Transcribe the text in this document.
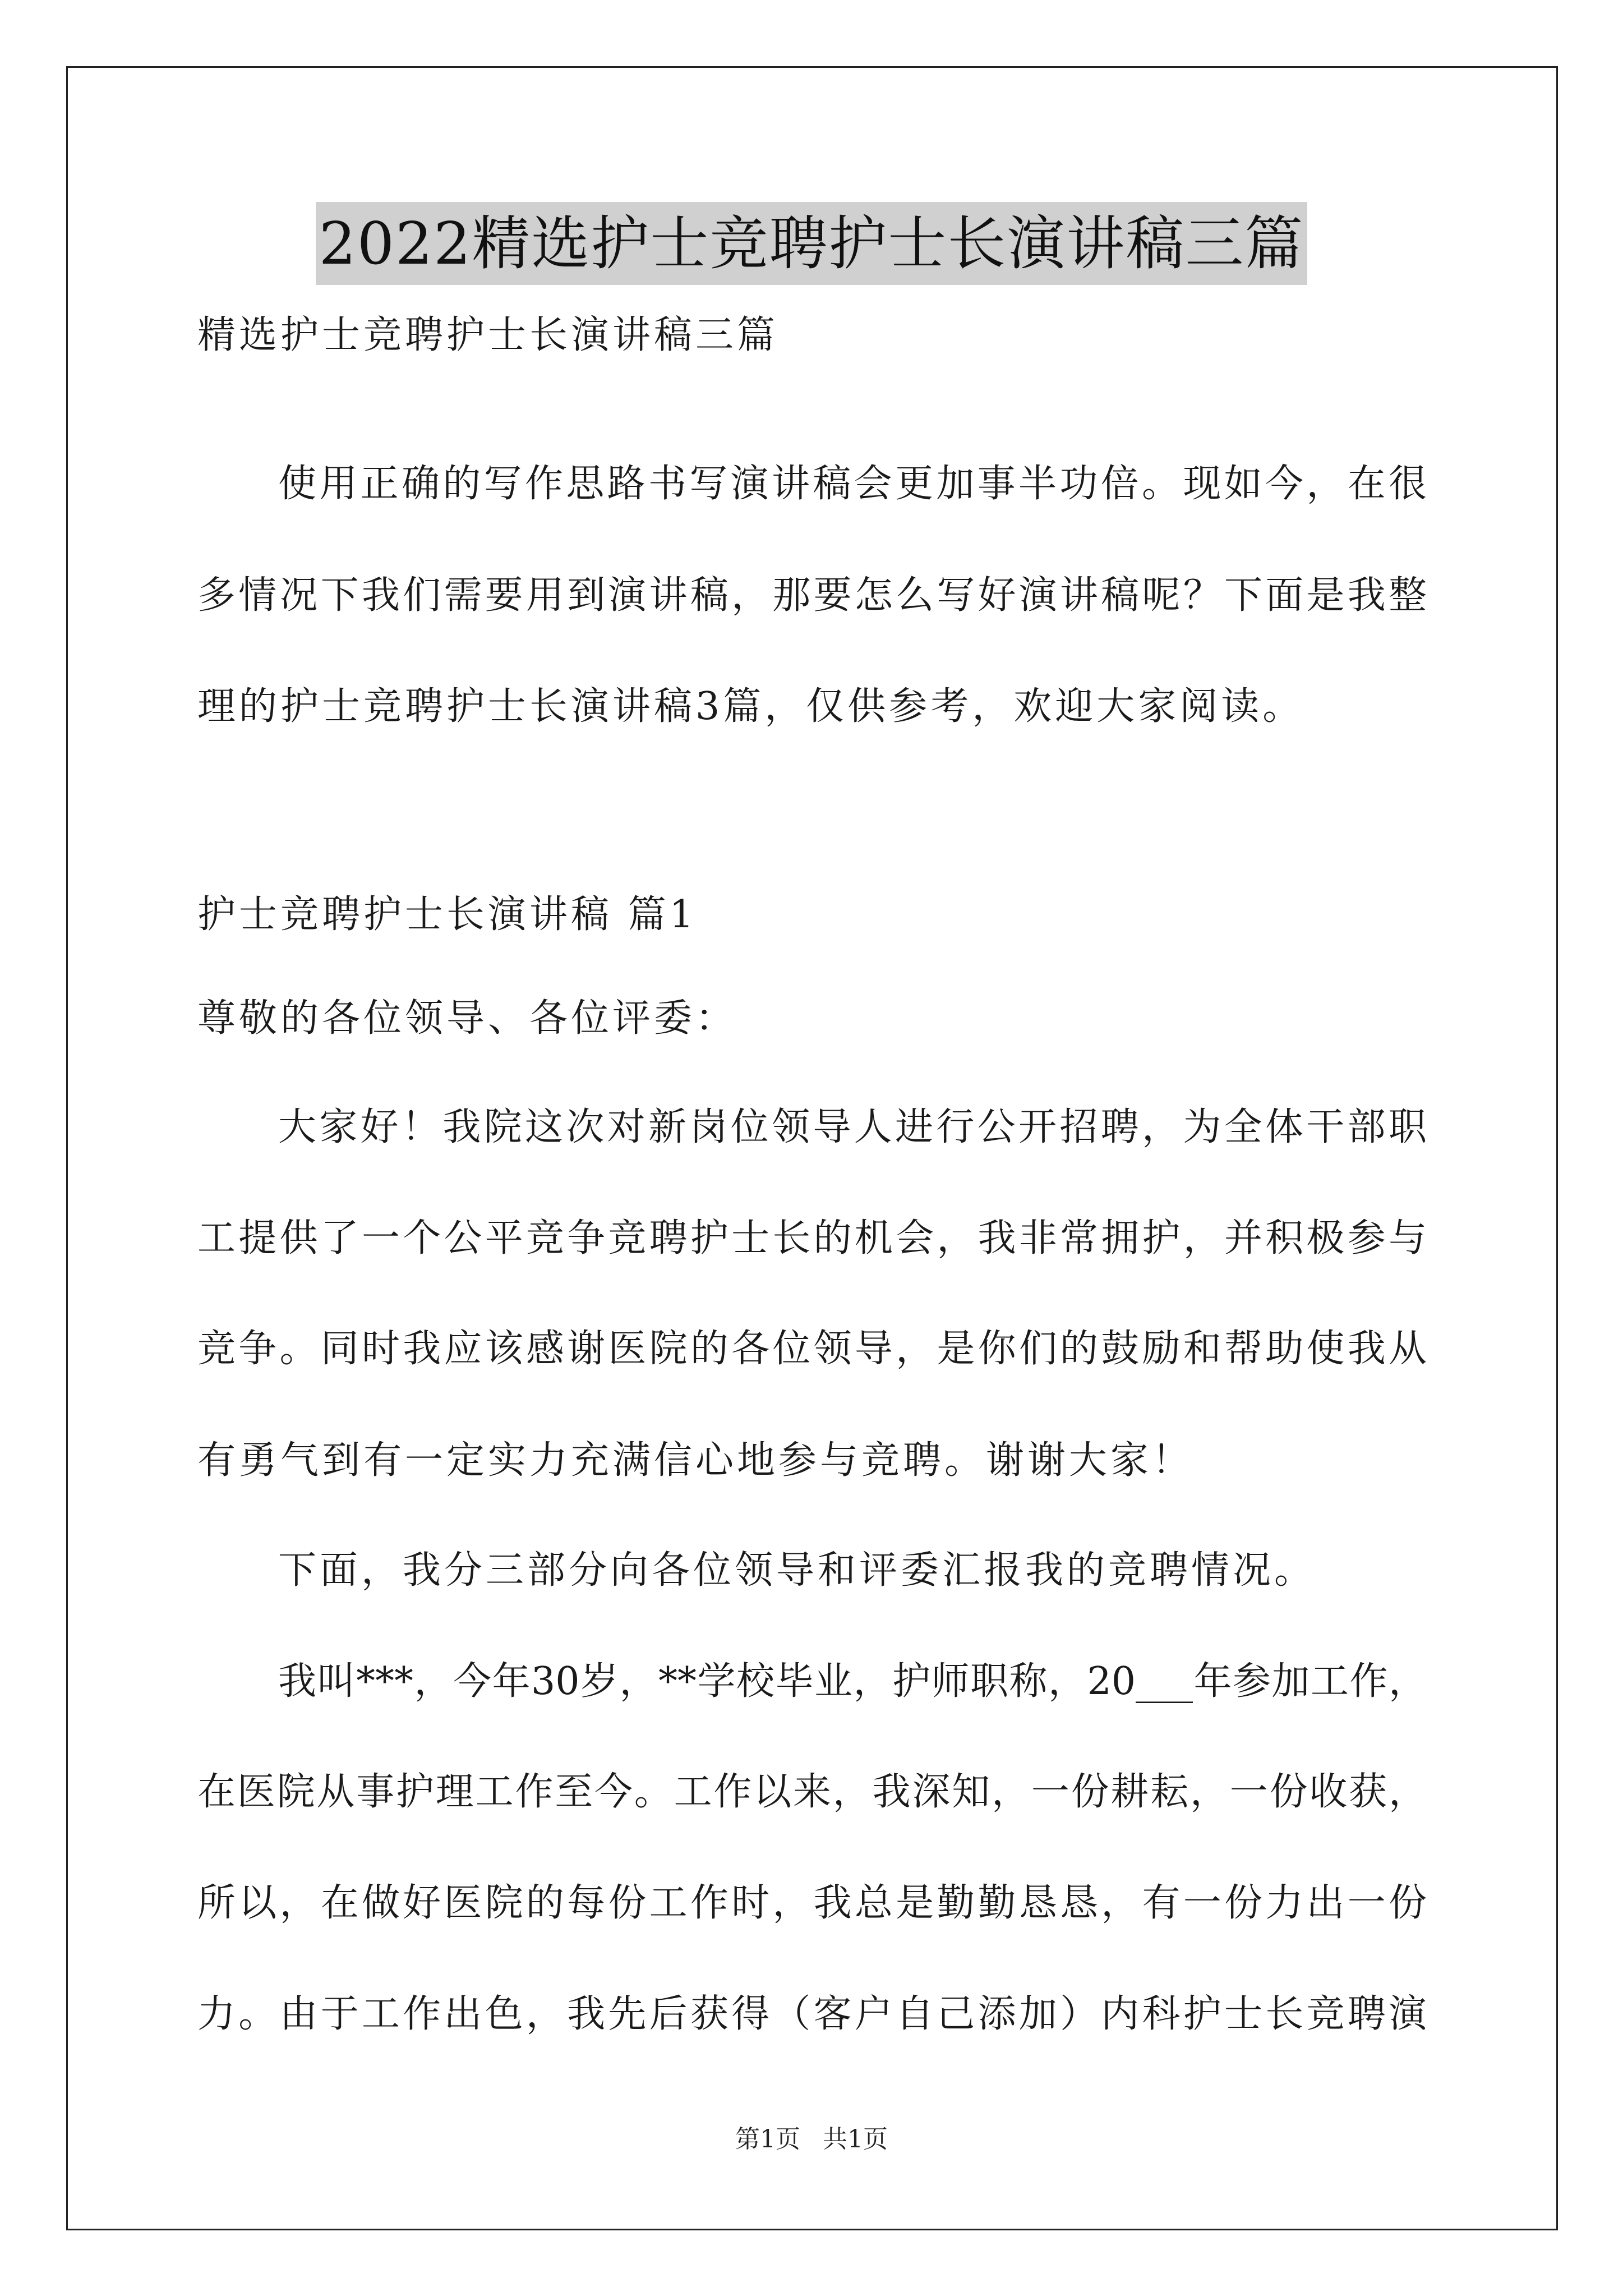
2022精选护士竞聘护士长演讲稿三篇
精选护士竞聘护士长演讲稿三篇
使用正确的写作思路书写演讲稿会更加事半功倍。现如今，在很
多情况下我们需要用到演讲稿，那要怎么写好演讲稿呢？下面是我整
理的护士竞聘护士长演讲稿3篇，仅供参考，欢迎大家阅读。
护士竞聘护士长演讲稿 篇1
尊敬的各位领导、各位评委：
大家好！我院这次对新岗位领导人进行公开招聘，为全体干部职
工提供了一个公平竞争竞聘护士长的机会，我非常拥护，并积极参与
竞争。同时我应该感谢医院的各位领导，是你们的鼓励和帮助使我从
有勇气到有一定实力充满信心地参与竞聘。谢谢大家！
下面，我分三部分向各位领导和评委汇报我的竞聘情况。
我叫***，今年30岁，**学校毕业，护师职称，20___年参加工作，
在医院从事护理工作至今。工作以来，我深知，一份耕耘，一份收获，
所以，在做好医院的每份工作时，我总是勤勤恳恳，有一份力出一份
力。由于工作出色，我先后获得（客户自己添加）内科护士长竞聘演
第1页 共1页
